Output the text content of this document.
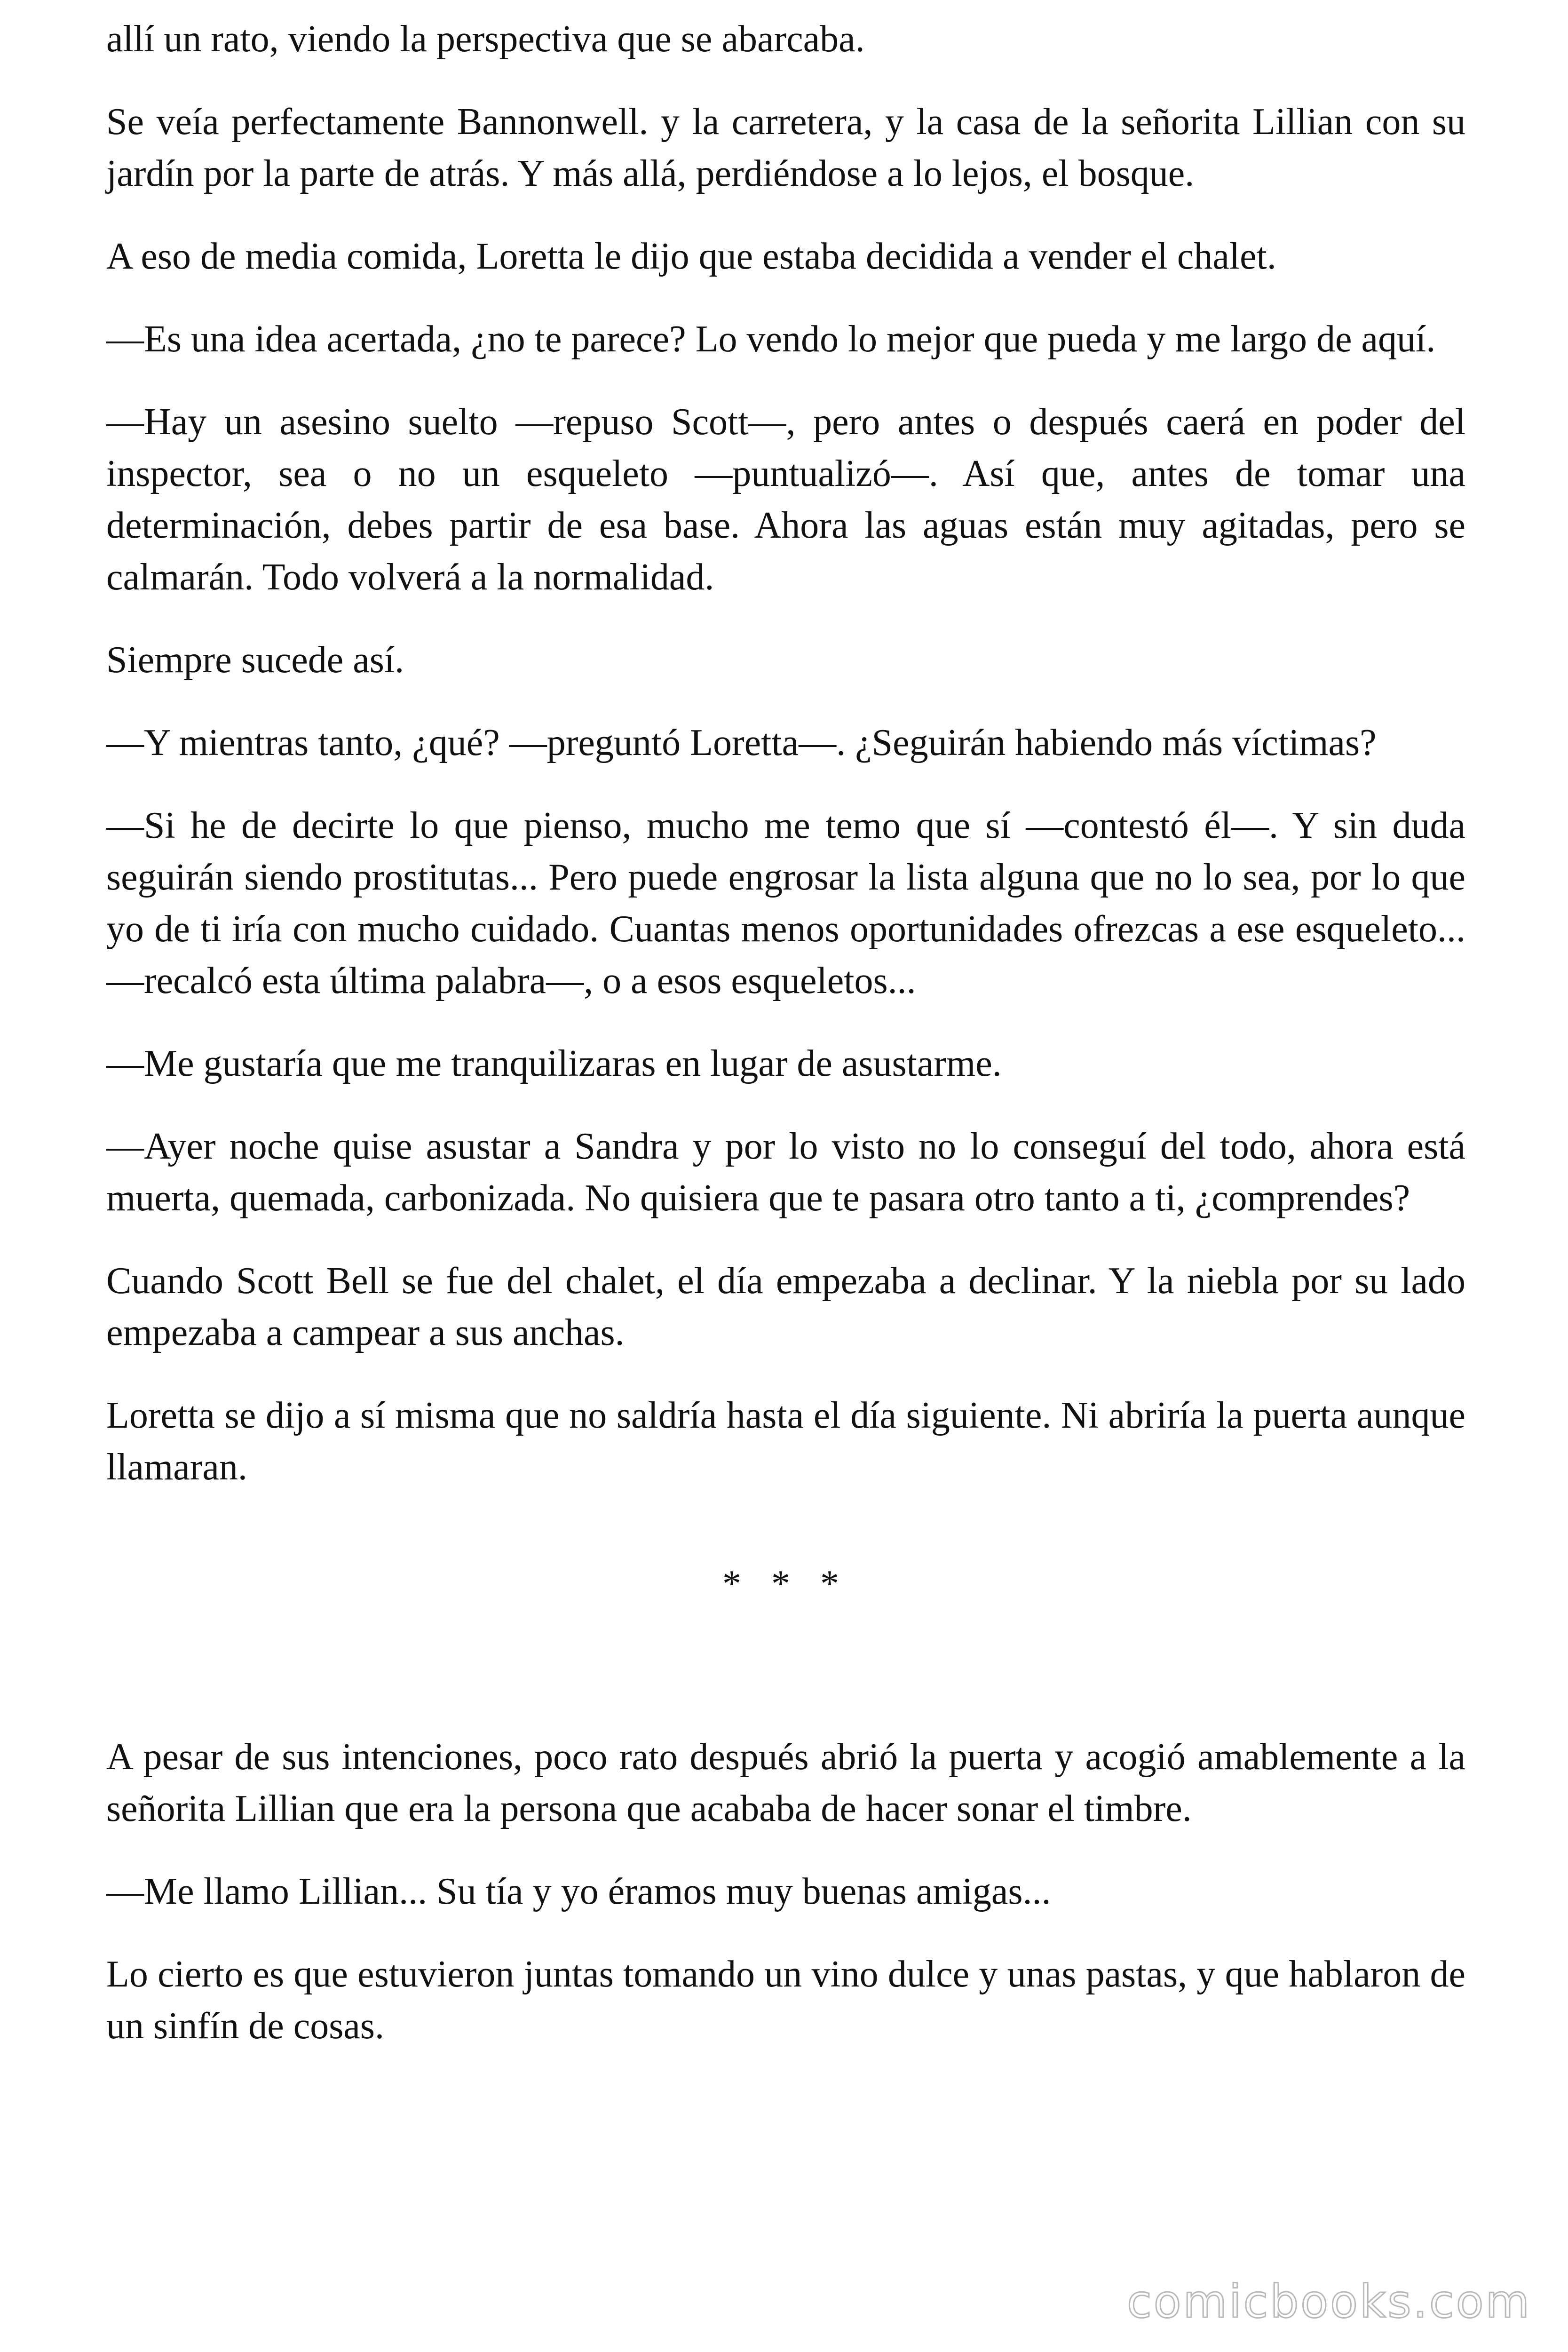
allí un rato, viendo la perspectiva que se abarcaba.

Se veía perfectamente Bannonwell. y la carretera, y la casa de la señorita Lillian con su jardín por la parte de atrás. Y más allá, perdiéndose a lo lejos, el bosque.

A eso de media comida, Loretta le dijo que estaba decidida a vender el chalet.

—Es una idea acertada, ¿no te parece? Lo vendo lo mejor que pueda y me largo de aquí.

—Hay un asesino suelto —repuso Scott—, pero antes o después caerá en poder del inspector, sea o no un esqueleto —puntualizó—. Así que, antes de tomar una determinación, debes partir de esa base. Ahora las aguas están muy agitadas, pero se calmarán. Todo volverá a la normalidad.

Siempre sucede así.

—Y mientras tanto, ¿qué? —preguntó Loretta—. ¿Seguirán habiendo más víctimas?

—Si he de decirte lo que pienso, mucho me temo que sí —contestó él—. Y sin duda seguirán siendo prostitutas... Pero puede engrosar la lista alguna que no lo sea, por lo que yo de ti iría con mucho cuidado. Cuantas menos oportunidades ofrezcas a ese esqueleto... —recalcó esta última palabra—, o a esos esqueletos...

—Me gustaría que me tranquilizaras en lugar de asustarme.

—Ayer noche quise asustar a Sandra y por lo visto no lo conseguí del todo, ahora está muerta, quemada, carbonizada. No quisiera que te pasara otro tanto a ti, ¿comprendes?

Cuando Scott Bell se fue del chalet, el día empezaba a declinar. Y la niebla por su lado empezaba a campear a sus anchas.

Loretta se dijo a sí misma que no saldría hasta el día siguiente. Ni abriría la puerta aunque llamaran.

* * *

A pesar de sus intenciones, poco rato después abrió la puerta y acogió amablemente a la señorita Lillian que era la persona que acababa de hacer sonar el timbre.

—Me llamo Lillian... Su tía y yo éramos muy buenas amigas...

Lo cierto es que estuvieron juntas tomando un vino dulce y unas pastas, y que hablaron de un sinfín de cosas.

comicbooks.com
